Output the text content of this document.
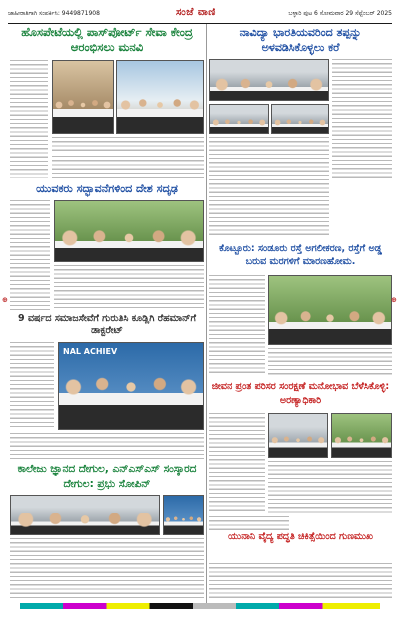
ಜಾಹೀರಾತಿಗಾಗಿ ಸಂಪರ್ಕಿಸಿ: 9449871908	ಸಂಜೆ ವಾಣಿ	ಬಳ್ಳಾರಿ ಪುಟ 6 ಸೋಮವಾರ 29 ಸೆಪ್ಟೆಂಬರ್ 2025
ಹೊಸಪೇಟೆಯಲ್ಲಿ ಪಾಸ್‌ಪೋರ್ಟ್ ಸೇವಾ ಕೇಂದ್ರ ಆರಂಭಿಸಲು ಮನವಿ
ನಾವಿದ್ಯಾ ಭಾರತಿಯವರಿಂದ ತಪ್ಪನ್ನು ಅಳವಡಿಸಿಕೊಳ್ಳಲು ಕರೆ
ಯುವಕರು ಸದ್ಭಾವನೆಗಳಿಂದ ದೇಶ ಸದೃಢ
ಕೊಟ್ಟೂರು: ಸಂಡೂರು ರಸ್ತೆ ಅಗಲೀಕರಣ, ರಸ್ತೆಗೆ ಅಡ್ಡ ಬರುವ ಮರಗಳಿಗೆ ಮಾರಣಹೋಮ.
9 ವರ್ಷದ ಸಮಾಜಸೇವೆಗೆ ಗುರುತಿಸಿ ಕೂಡ್ಲಿಗಿ ರೆಹಮಾನ್‌ಗೆ ಡಾಕ್ಟರೇಟ್
NAL ACHIEV
ಜೀವನ ಪ್ರಂತ ಪರಿಸರ ಸಂರಕ್ಷಣೆ ಮನೋಭಾವ ಬೆಳೆಸಿಕೊಳ್ಳಿ: ಅರಣ್ಯಾಧಿಕಾರಿ
ಕಾಲೇಜು ಜ್ಞಾನದ ದೇಗುಲ, ಎನ್‌ಎಸ್‌ಎಸ್ ಸಂಸ್ಕಾರದ ದೇಗುಲ: ಪ್ರಭು ಸೋಪಿನ್
ಯುನಾನಿ ವೈದ್ಯ ಪದ್ಧತಿ ಚಿಕಿತ್ಸೆಯಿಂದ ಗುಣಮುಖ
⊕	⊕
